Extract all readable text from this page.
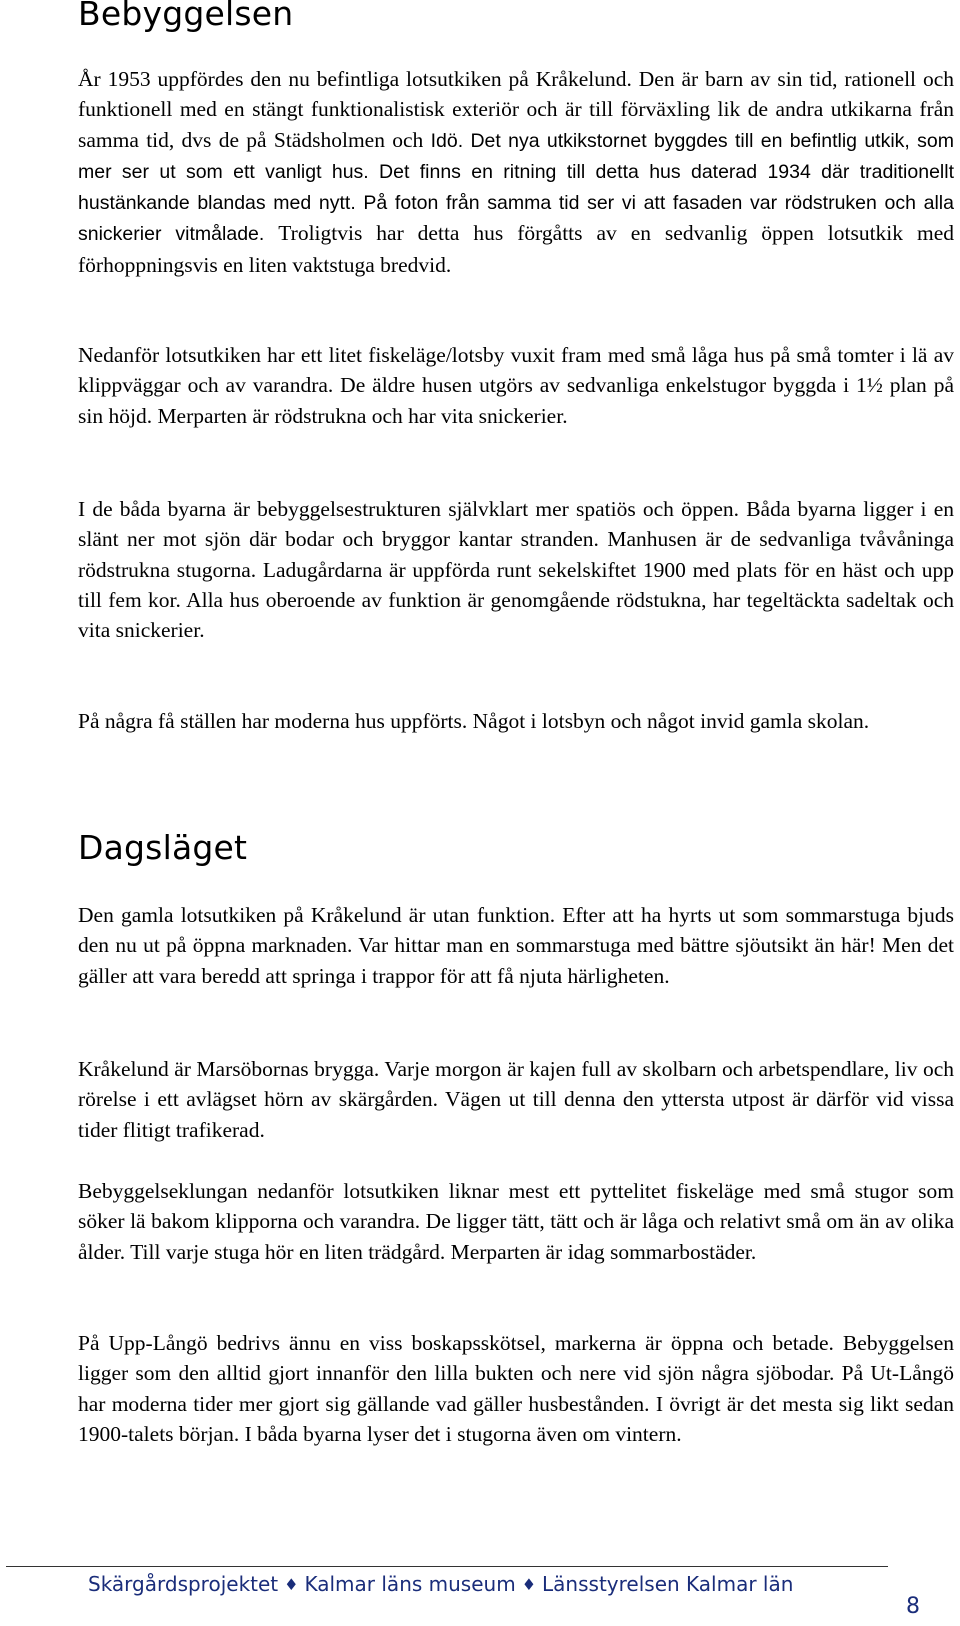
Bebyggelsen

År 1953 uppfördes den nu befintliga lotsutkiken på Kråkelund. Den är barn av sin tid, rationell och funktionell med en stängt funktionalistisk exteriör och är till förväxling lik de andra utkikarna från samma tid, dvs de på Städsholmen och Idö. Det nya utkikstornet byggdes till en befintlig utkik, som mer ser ut som ett vanligt hus. Det finns en ritning till detta hus daterad 1934 där traditionellt hustänkande blandas med nytt. På foton från samma tid ser vi att fasaden var rödstruken och alla snickerier vitmålade. Troligtvis har detta hus förgåtts av en sedvanlig öppen lotsutkik med förhoppningsvis en liten vaktstuga bredvid.

Nedanför lotsutkiken har ett litet fiskeläge/lotsby vuxit fram med små låga hus på små tomter i lä av klippväggar och av varandra. De äldre husen utgörs av sedvanliga enkelstugor byggda i 1½ plan på sin höjd. Merparten är rödstrukna och har vita snickerier.

I de båda byarna är bebyggelsestrukturen självklart mer spatiös och öppen. Båda byarna ligger i en slänt ner mot sjön där bodar och bryggor kantar stranden. Manhusen är de sedvanliga tvåvåninga rödstrukna stugorna. Ladugårdarna är uppförda runt sekelskiftet 1900 med plats för en häst och upp till fem kor. Alla hus oberoende av funktion är genomgående rödstukna, har tegeltäckta sadeltak och vita snickerier.

På några få ställen har moderna hus uppförts. Något i lotsbyn och något invid gamla skolan.

Dagsläget

Den gamla lotsutkiken på Kråkelund är utan funktion. Efter att ha hyrts ut som sommarstuga bjuds den nu ut på öppna marknaden. Var hittar man en sommarstuga med bättre sjöutsikt än här! Men det gäller att vara beredd att springa i trappor för att få njuta härligheten.

Kråkelund är Marsöbornas brygga. Varje morgon är kajen full av skolbarn och arbetspendlare, liv och rörelse i ett avlägset hörn av skärgården. Vägen ut till denna den yttersta utpost är därför vid vissa tider flitigt trafikerad.

Bebyggelseklungan nedanför lotsutkiken liknar mest ett pyttelitet fiskeläge med små stugor som söker lä bakom klipporna och varandra. De ligger tätt, tätt och är låga och relativt små om än av olika ålder. Till varje stuga hör en liten trädgård. Merparten är idag sommarbostäder.

På Upp-Långö bedrivs ännu en viss boskapsskötsel, markerna är öppna och betade. Bebyggelsen ligger som den alltid gjort innanför den lilla bukten och nere vid sjön några sjöbodar. På Ut-Långö har moderna tider mer gjort sig gällande vad gäller husbestånden. I övrigt är det mesta sig likt sedan 1900-talets början. I båda byarna lyser det i stugorna även om vintern.

Skärgårdsprojektet ♦ Kalmar läns museum ♦ Länsstyrelsen Kalmar län
8
